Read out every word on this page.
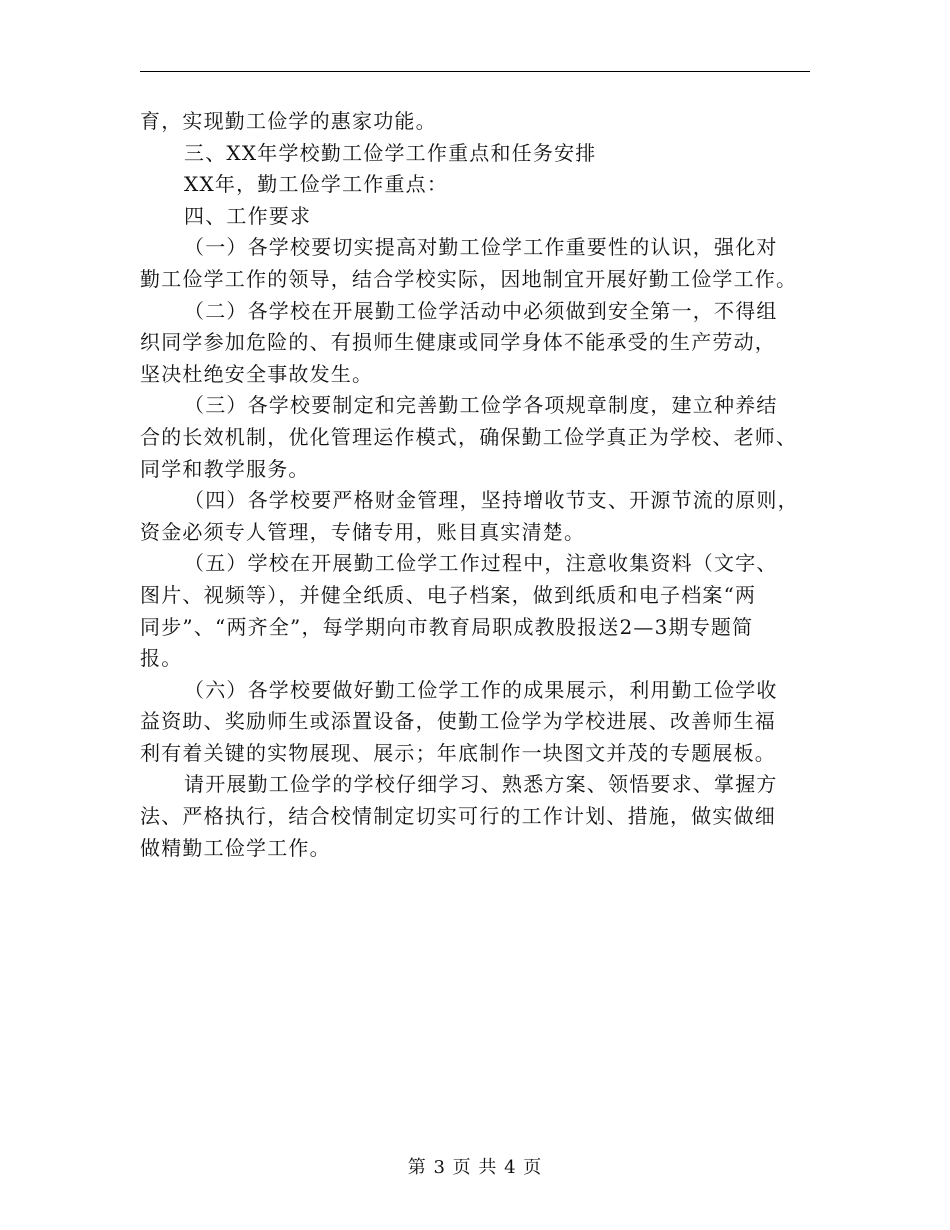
育，实现勤工俭学的惠家功能。
三、XX年学校勤工俭学工作重点和任务安排
XX年，勤工俭学工作重点：
四、工作要求
（一）各学校要切实提高对勤工俭学工作重要性的认识，强化对
勤工俭学工作的领导，结合学校实际，因地制宜开展好勤工俭学工作。
（二）各学校在开展勤工俭学活动中必须做到安全第一，不得组
织同学参加危险的、有损师生健康或同学身体不能承受的生产劳动，
坚决杜绝安全事故发生。
（三）各学校要制定和完善勤工俭学各项规章制度，建立种养结
合的长效机制，优化管理运作模式，确保勤工俭学真正为学校、老师、
同学和教学服务。
（四）各学校要严格财金管理，坚持增收节支、开源节流的原则，
资金必须专人管理，专储专用，账目真实清楚。
（五）学校在开展勤工俭学工作过程中，注意收集资料（文字、
图片、视频等），并健全纸质、电子档案，做到纸质和电子档案“两
同步”、“两齐全”，每学期向市教育局职成教股报送2—3期专题简
报。
（六）各学校要做好勤工俭学工作的成果展示，利用勤工俭学收
益资助、奖励师生或添置设备，使勤工俭学为学校进展、改善师生福
利有着关键的实物展现、展示；年底制作一块图文并茂的专题展板。
请开展勤工俭学的学校仔细学习、熟悉方案、领悟要求、掌握方
法、严格执行，结合校情制定切实可行的工作计划、措施，做实做细
做精勤工俭学工作。
第 3 页 共 4 页
